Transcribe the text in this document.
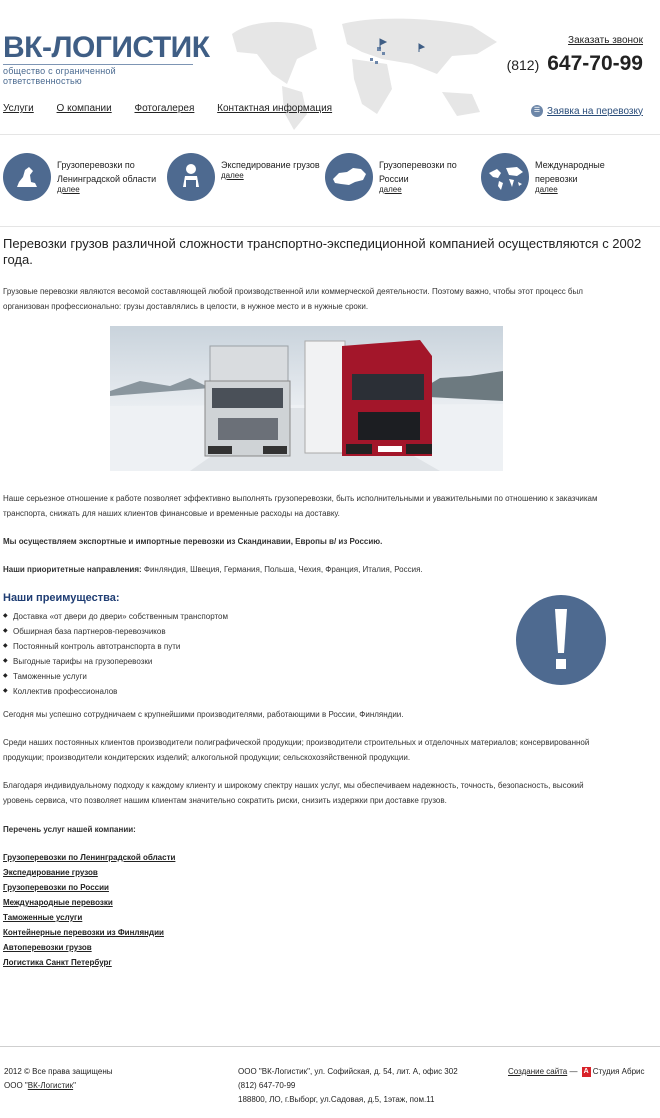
ВК-ЛОГИСТИК
общество с ограниченной ответственностью
Заказать звонок
(812) 647-70-99
Услуги О компании Фотогалерея Контактная информация	☰ Заявка на перевозку
Грузоперевозки по Ленинградской области
далее
Экспедирование грузов
далее
Грузоперевозки по России
далее
Международные перевозки
далее
Перевозки грузов различной сложности транспортно-экспедиционной компанией осуществляются с 2002 года.

Грузовые перевозки являются весомой составляющей любой производственной или коммерческой деятельности. Поэтому важно, чтобы этот процесс был организован профессионально: грузы доставлялись в целости, в нужное место и в нужные сроки.

Наше серьезное отношение к работе позволяет эффективно выполнять грузоперевозки, быть исполнительными и уважительными по отношению к заказчикам транспорта, снижать для наших клиентов финансовые и временные расходы на доставку.

Мы осуществляем экспортные и импортные перевозки из Скандинавии, Европы в/ из Россию.

Наши приоритетные направления: Финляндия, Швеция, Германия, Польша, Чехия, Франция, Италия, Россия.

Наши преимущества:
◆ Доставка «от двери до двери» собственным транспортом
◆ Обширная база партнеров-перевозчиков
◆ Постоянный контроль автотранспорта в пути
◆ Выгодные тарифы на грузоперевозки
◆ Таможенные услуги
◆ Коллектив профессионалов

Сегодня мы успешно сотрудничаем с крупнейшими производителями, работающими в России, Финляндии.

Среди наших постоянных клиентов производители полиграфической продукции; производители строительных и отделочных материалов; консервированной продукции; производители кондитерских изделий; алкогольной продукции; сельскохозяйственной продукции.

Благодаря индивидуальному подходу к каждому клиенту и широкому спектру наших услуг, мы обеспечиваем надежность, точность, безопасность, высокий уровень сервиса, что позволяет нашим клиентам значительно сократить риски, снизить издержки при доставке грузов.

Перечень услуг нашей компании:

Грузоперевозки по Ленинградской области
Экспедирование грузов
Грузоперевозки по России
Международные перевозки
Таможенные услуги
Контейнерные перевозки из Финляндии
Автоперевозки грузов
Логистика Санкт Петербург
2012 © Все права защищены
ООО "ВК-Логистик"
ООО "ВК-Логистик", ул. Софийская, д. 54, лит. А, офис 302
(812) 647-70-99
188800, ЛО, г.Выборг, ул.Садовая, д.5, 1этаж, пом.11
Создание сайта — A Студия Абрис
